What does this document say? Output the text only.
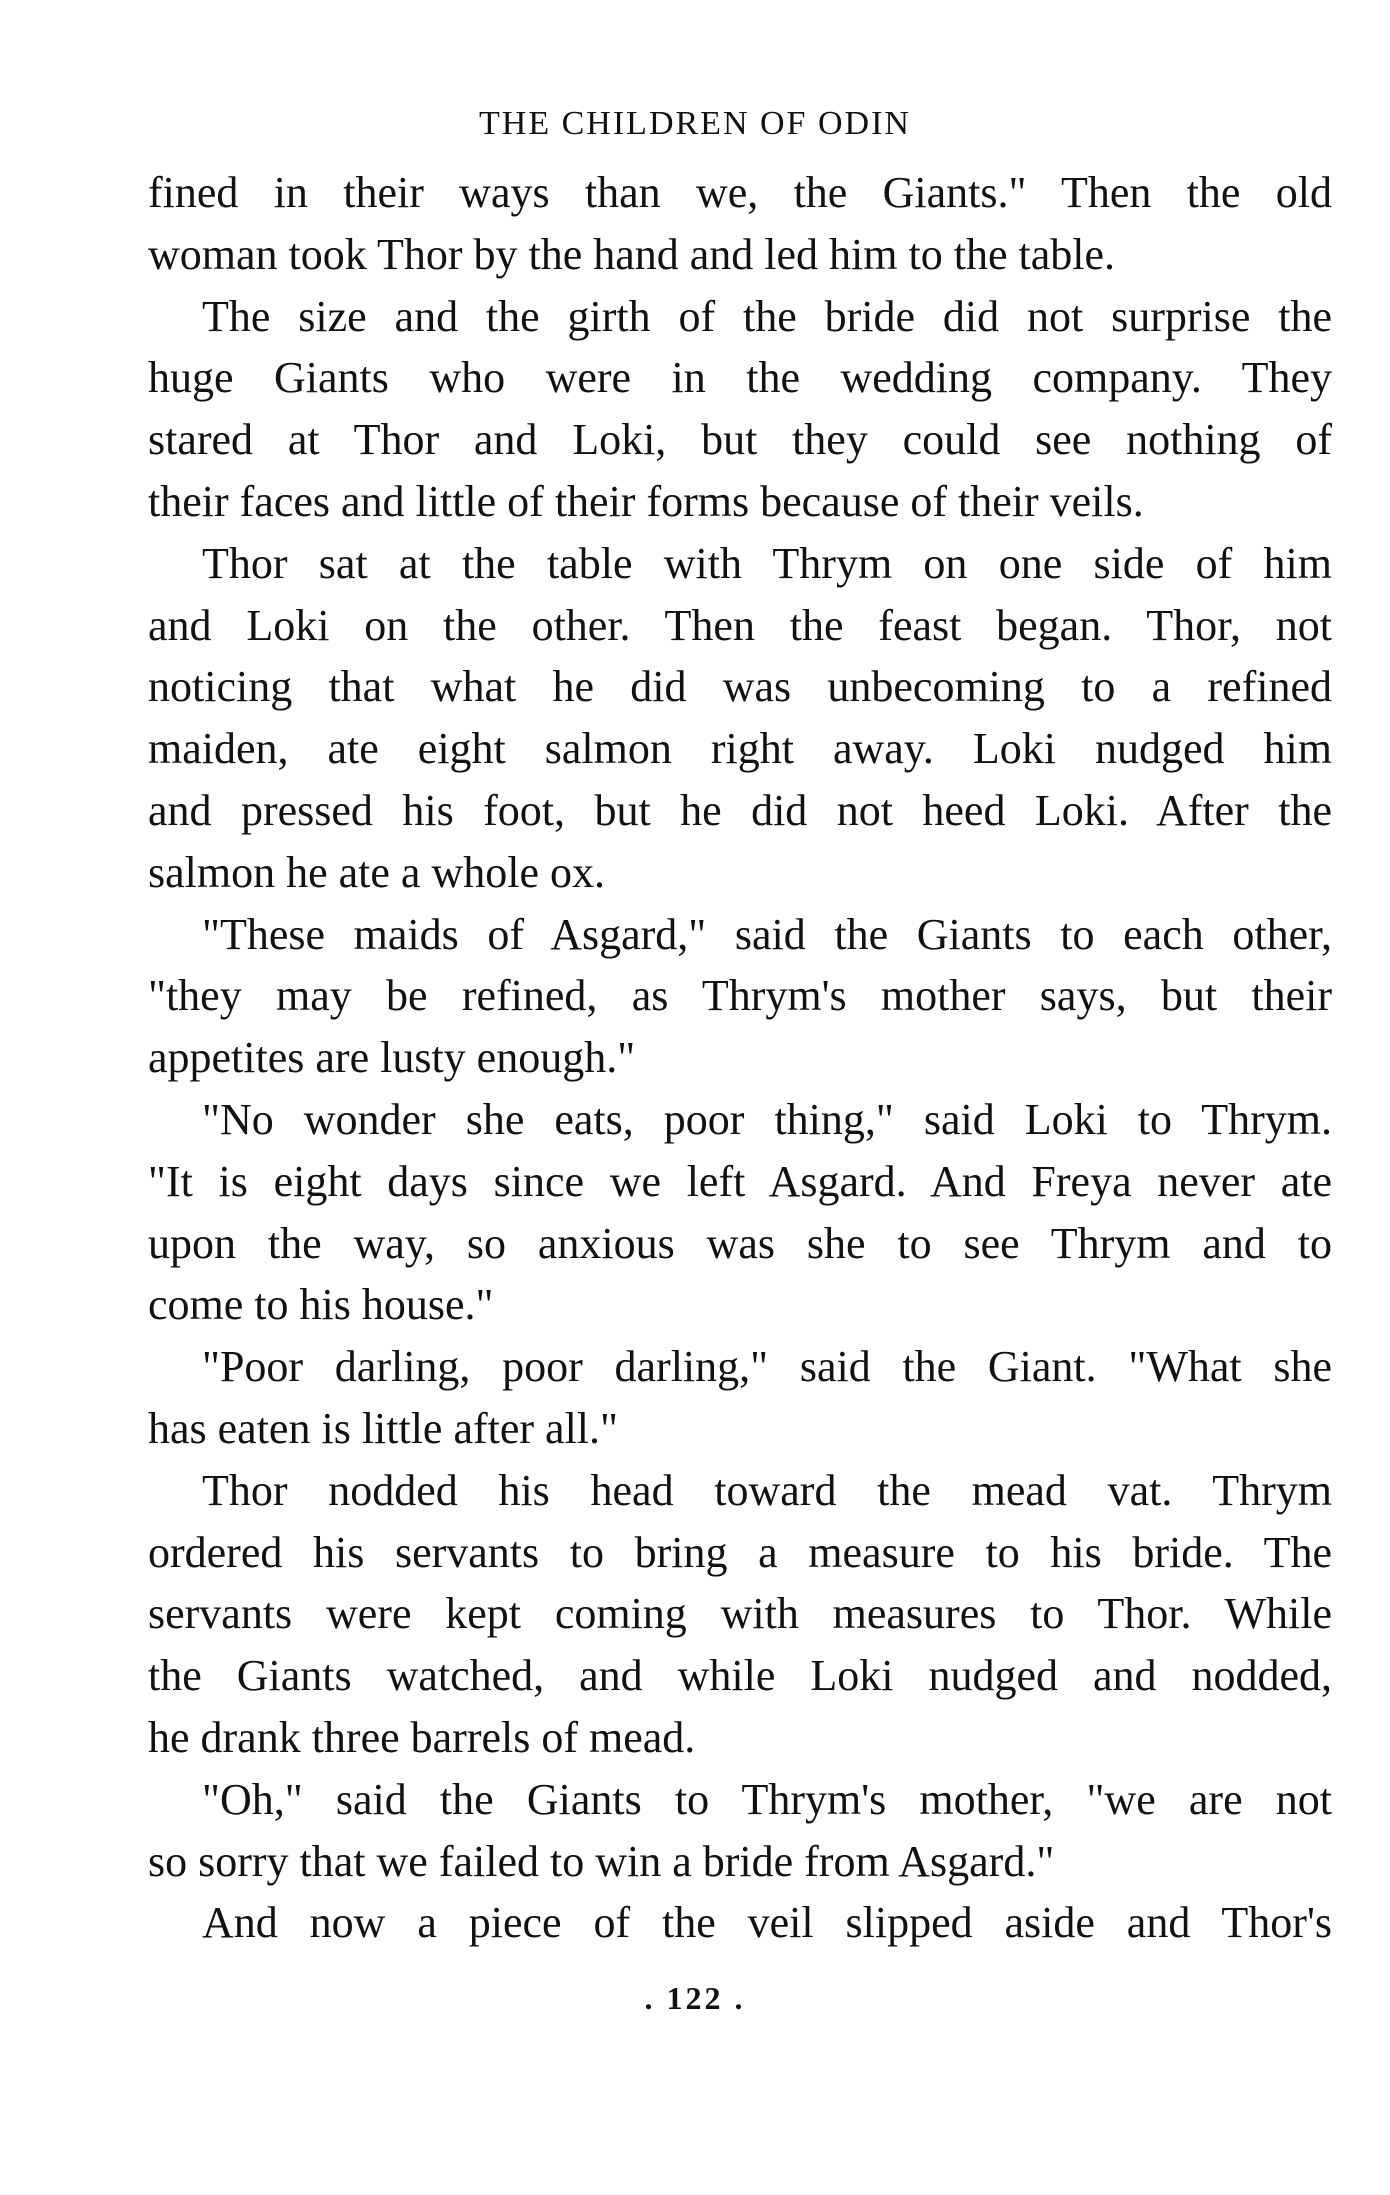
THE CHILDREN OF ODIN
fined in their ways than we, the Giants." Then the old
woman took Thor by the hand and led him to the table.
The size and the girth of the bride did not surprise the
huge Giants who were in the wedding company. They
stared at Thor and Loki, but they could see nothing of
their faces and little of their forms because of their veils.
Thor sat at the table with Thrym on one side of him
and Loki on the other. Then the feast began. Thor, not
noticing that what he did was unbecoming to a refined
maiden, ate eight salmon right away. Loki nudged him
and pressed his foot, but he did not heed Loki. After the
salmon he ate a whole ox.
"These maids of Asgard," said the Giants to each other,
"they may be refined, as Thrym's mother says, but their
appetites are lusty enough."
"No wonder she eats, poor thing," said Loki to Thrym.
"It is eight days since we left Asgard. And Freya never ate
upon the way, so anxious was she to see Thrym and to
come to his house."
"Poor darling, poor darling," said the Giant. "What she
has eaten is little after all."
Thor nodded his head toward the mead vat. Thrym
ordered his servants to bring a measure to his bride. The
servants were kept coming with measures to Thor. While
the Giants watched, and while Loki nudged and nodded,
he drank three barrels of mead.
"Oh," said the Giants to Thrym's mother, "we are not
so sorry that we failed to win a bride from Asgard."
And now a piece of the veil slipped aside and Thor's
. 122 .
